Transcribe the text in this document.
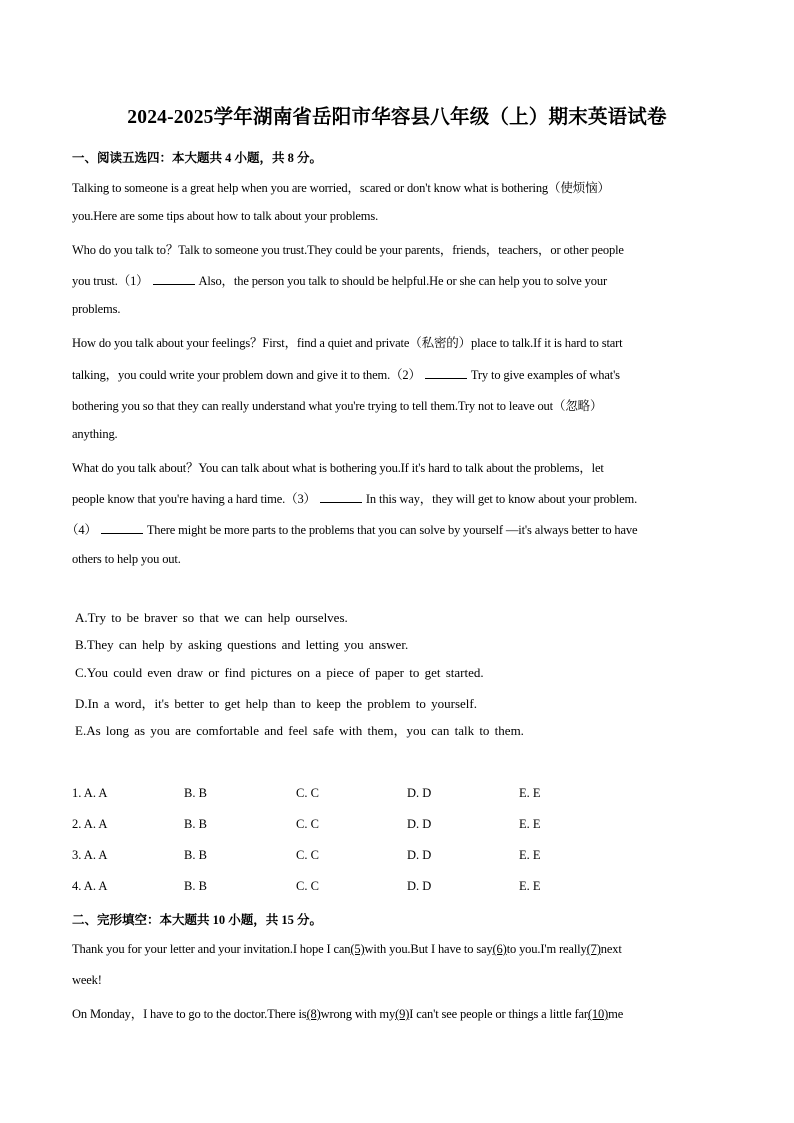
2024-2025学年湖南省岳阳市华容县八年级（上）期末英语试卷
一、阅读五选四：本大题共 4 小题，共 8 分。
Talking to someone is a great help when you are worried，scared or don't know what is bothering（使烦恼）
you.Here are some tips about how to talk about your problems.
Who do you talk to？Talk to someone you trust.They could be your parents，friends，teachers，or other people
you trust.（1）	Also，the person you talk to should be helpful.He or she can help you to solve your
problems.
How do you talk about your feelings？First，find a quiet and private（私密的）place to talk.If it is hard to start
talking，you could write your problem down and give it to them.（2）	Try to give examples of what's
bothering you so that they can really understand what you're trying to tell them.Try not to leave out（忽略）
anything.
What do you talk about？You can talk about what is bothering you.If it's hard to talk about the problems，let
people know that you're having a hard time.（3）	In this way，they will get to know about your problem.
（4）	There might be more parts to the problems that you can solve by yourself —it's always better to have
others to help you out.
A.Try to be braver so that we can help ourselves.
B.They can help by asking questions and letting you answer.
C.You could even draw or find pictures on a piece of paper to get started.
D.In a word，it's better to get help than to keep the problem to yourself.
E.As long as you are comfortable and feel safe with them，you can talk to them.
1. A. A	B. B	C. C	D. D	E. E
2. A. A	B. B	C. C	D. D	E. E
3. A. A	B. B	C. C	D. D	E. E
4. A. A	B. B	C. C	D. D	E. E
二、完形填空：本大题共 10 小题，共 15 分。
Thank you for your letter and your invitation.I hope I can(5)with you.But I have to say(6)to you.I'm really(7)next
week!
On Monday，I have to go to the doctor.There is(8)wrong with my(9)I can't see people or things a little far(10)me
